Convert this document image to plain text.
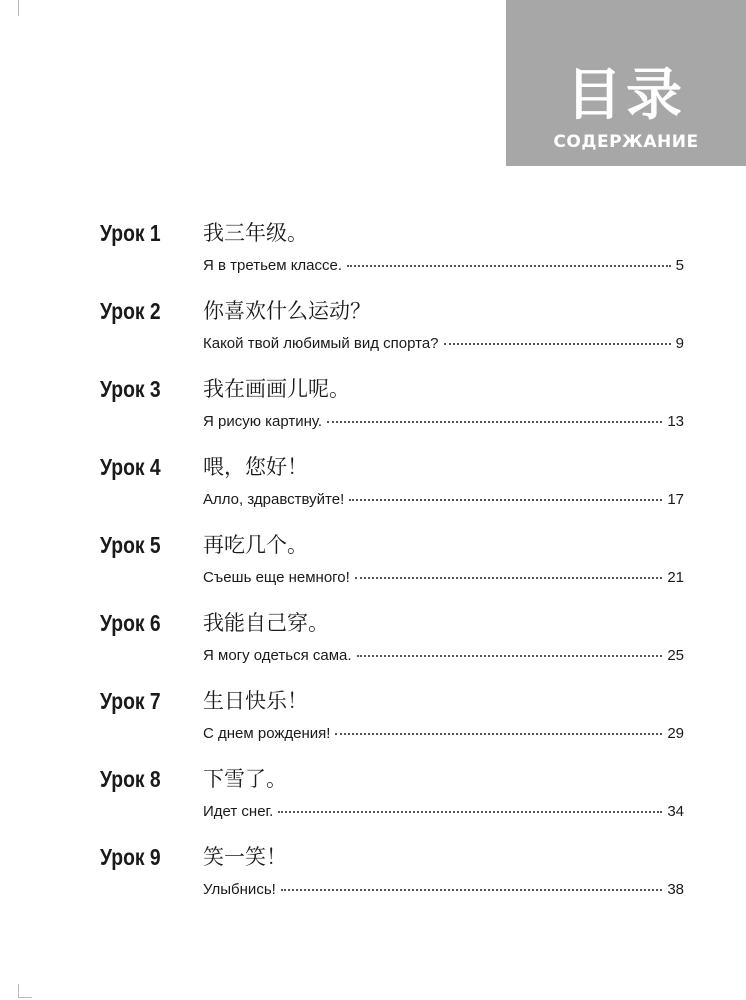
目录
СОДЕРЖАНИЕ
Урок 1 我三年级。
Я в третьем классе.	5
Урок 2 你喜欢什么运动？
Какой твой любимый вид спорта?	9
Урок 3 我在画画儿呢。
Я рисую картину.	13
Урок 4 喂，您好！
Алло, здравствуйте!	17
Урок 5 再吃几个。
Съешь еще немного!	21
Урок 6 我能自己穿。
Я могу одеться сама.	25
Урок 7 生日快乐！
С днем рождения!	29
Урок 8 下雪了。
Идет снег.	34
Урок 9 笑一笑！
Улыбнись!	38
